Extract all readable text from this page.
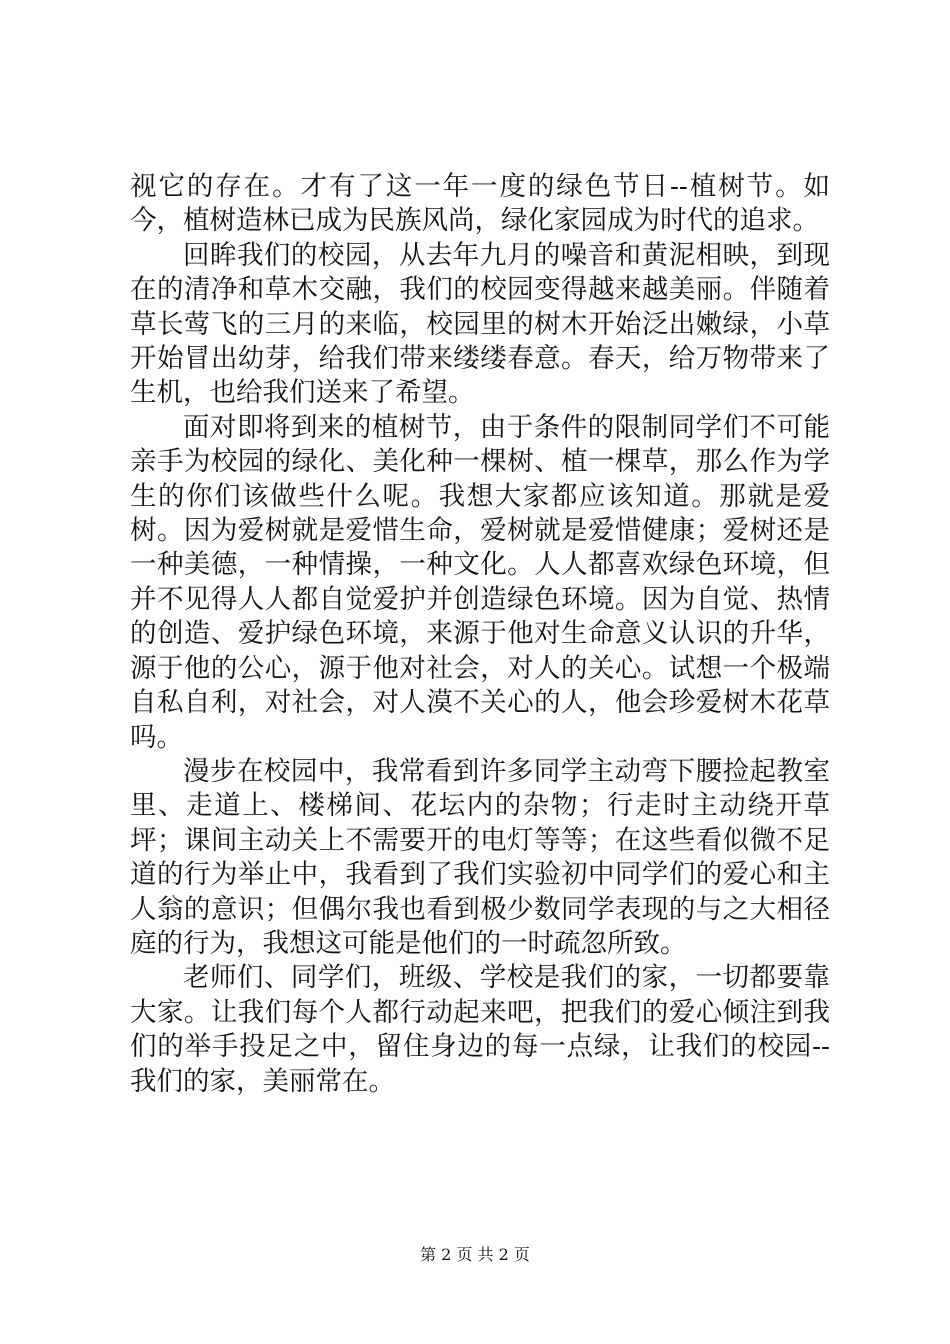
视它的存在。才有了这一年一度的绿色节日--植树节。如今，植树造林已成为民族风尚，绿化家园成为时代的追求。

回眸我们的校园，从去年九月的噪音和黄泥相映，到现在的清净和草木交融，我们的校园变得越来越美丽。伴随着草长莺飞的三月的来临，校园里的树木开始泛出嫩绿，小草开始冒出幼芽，给我们带来缕缕春意。春天，给万物带来了生机，也给我们送来了希望。

面对即将到来的植树节，由于条件的限制同学们不可能亲手为校园的绿化、美化种一棵树、植一棵草，那么作为学生的你们该做些什么呢。我想大家都应该知道。那就是爱树。因为爱树就是爱惜生命，爱树就是爱惜健康；爱树还是一种美德，一种情操，一种文化。人人都喜欢绿色环境，但并不见得人人都自觉爱护并创造绿色环境。因为自觉、热情的创造、爱护绿色环境，来源于他对生命意义认识的升华，源于他的公心，源于他对社会，对人的关心。试想一个极端自私自利，对社会，对人漠不关心的人，他会珍爱树木花草吗。

漫步在校园中，我常看到许多同学主动弯下腰捡起教室里、走道上、楼梯间、花坛内的杂物；行走时主动绕开草坪；课间主动关上不需要开的电灯等等；在这些看似微不足道的行为举止中，我看到了我们实验初中同学们的爱心和主人翁的意识；但偶尔我也看到极少数同学表现的与之大相径庭的行为，我想这可能是他们的一时疏忽所致。

老师们、同学们，班级、学校是我们的家，一切都要靠大家。让我们每个人都行动起来吧，把我们的爱心倾注到我们的举手投足之中，留住身边的每一点绿，让我们的校园--我们的家，美丽常在。

第 2 页 共 2 页
